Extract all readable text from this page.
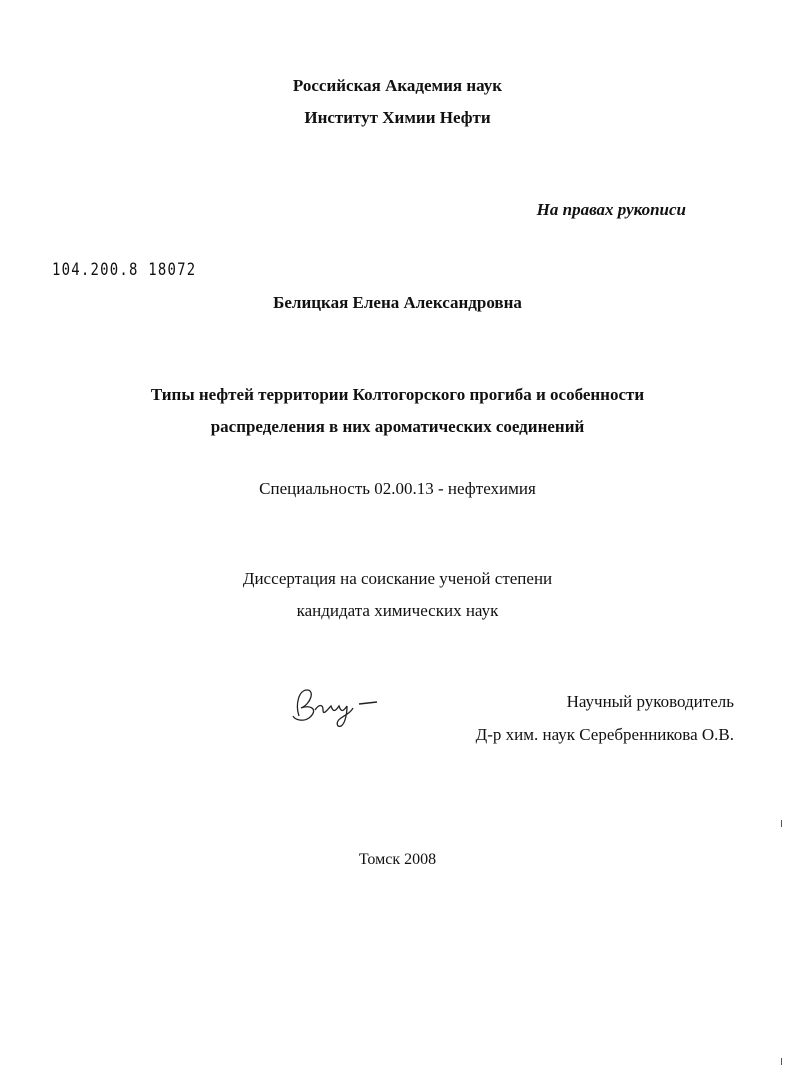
Российская Академия наук
Институт Химии Нефти
На правах рукописи
104.200.8 18072
Белицкая Елена Александровна
Типы нефтей территории Колтогорского прогиба и особенности
распределения в них ароматических соединений
Специальность 02.00.13 - нефтехимия
Диссертация на соискание ученой степени
кандидата химических наук
Научный руководитель
Д-р хим. наук Серебренникова О.В.
Томск 2008
